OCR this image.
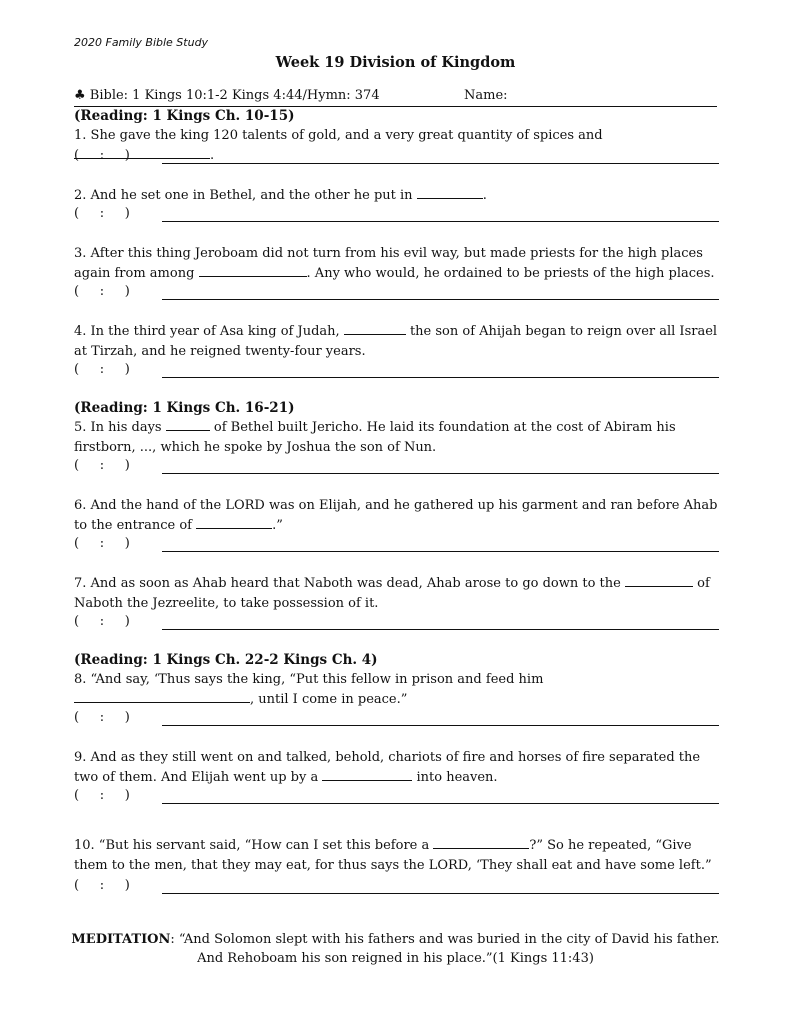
2020 Family Bible Study
Week 19 Division of Kingdom
♣ Bible: 1 Kings 10:1-2 Kings 4:44/Hymn: 374	Name:
(Reading: 1 Kings Ch. 10-15)
1. She gave the king 120 talents of gold, and a very great quantity of spices and .
(     :     )
2. And he set one in Bethel, and the other he put in	.
(     :     )
3. After this thing Jeroboam did not turn from his evil way, but made priests for the high places again from among	. Any who would, he ordained to be priests of the high places.
(     :     )
4. In the third year of Asa king of Judah,	the son of Ahijah began to reign over all Israel at Tirzah, and he reigned twenty-four years.
(     :     )
(Reading: 1 Kings Ch. 16-21)
5. In his days	of Bethel built Jericho. He laid its foundation at the cost of Abiram his firstborn, ..., which he spoke by Joshua the son of Nun.
(     :     )
6. And the hand of the LORD was on Elijah, and he gathered up his garment and ran before Ahab to the entrance of	.”
(     :     )
7. And as soon as Ahab heard that Naboth was dead, Ahab arose to go down to the	of Naboth the Jezreelite, to take possession of it.
(     :     )
(Reading: 1 Kings Ch. 22-2 Kings Ch. 4)
8. “And say, ‘Thus says the king, “Put this fellow in prison and feed him , until I come in peace.”
(     :     )
9. And as they still went on and talked, behold, chariots of fire and horses of fire separated the two of them. And Elijah went up by a	into heaven.
(     :     )
10. “But his servant said, “How can I set this before a	?” So he repeated, “Give them to the men, that they may eat, for thus says the LORD, ‘They shall eat and have some left.”
(     :     )
MEDITATION: “And Solomon slept with his fathers and was buried in the city of David his father. And Rehoboam his son reigned in his place.”(1 Kings 11:43)
